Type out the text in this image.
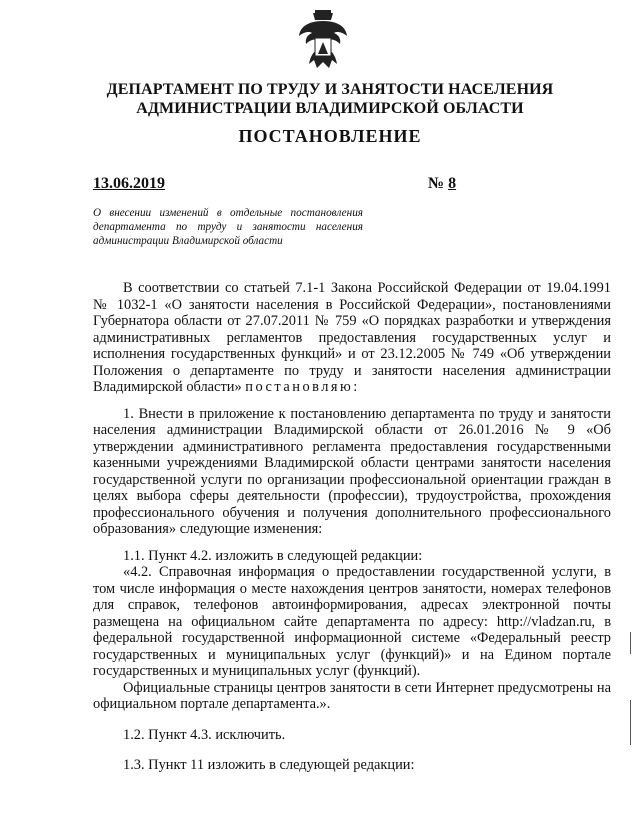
ДЕПАРТАМЕНТ ПО ТРУДУ И ЗАНЯТОСТИ НАСЕЛЕНИЯ
АДМИНИСТРАЦИИ ВЛАДИМИРСКОЙ ОБЛАСТИ
ПОСТАНОВЛЕНИЕ
13.06.2019	№ 8
О внесении изменений в отдельные постановления департамента по труду и занятости населения администрации Владимирской области

В соответствии со статьей 7.1-1 Закона Российской Федерации от 19.04.1991 № 1032-1 «О занятости населения в Российской Федерации», постановлениями Губернатора области от 27.07.2011 № 759 «О порядках разработки и утверждения административных регламентов предоставления государственных услуг и исполнения государственных функций» и от 23.12.2005 № 749 «Об утверждении Положения о департаменте по труду и занятости населения администрации Владимирской области» постановляю:

1. Внести в приложение к постановлению департамента по труду и занятости населения администрации Владимирской области от 26.01.2016 № 9 «Об утверждении административного регламента предоставления государственными казенными учреждениями Владимирской области центрами занятости населения государственной услуги по организации профессиональной ориентации граждан в целях выбора сферы деятельности (профессии), трудоустройства, прохождения профессионального обучения и получения дополнительного профессионального образования» следующие изменения:

1.1. Пункт 4.2. изложить в следующей редакции:

«4.2. Справочная информация о предоставлении государственной услуги, в том числе информация о месте нахождения центров занятости, номерах телефонов для справок, телефонов автоинформирования, адресах электронной почты размещена на официальном сайте департамента по адресу: http://vladzan.ru, в федеральной государственной информационной системе «Федеральный реестр государственных и муниципальных услуг (функций)» и на Едином портале государственных и муниципальных услуг (функций).

Официальные страницы центров занятости в сети Интернет предусмотрены на официальном портале департамента.».

1.2. Пункт 4.3. исключить.

1.3. Пункт 11 изложить в следующей редакции:
